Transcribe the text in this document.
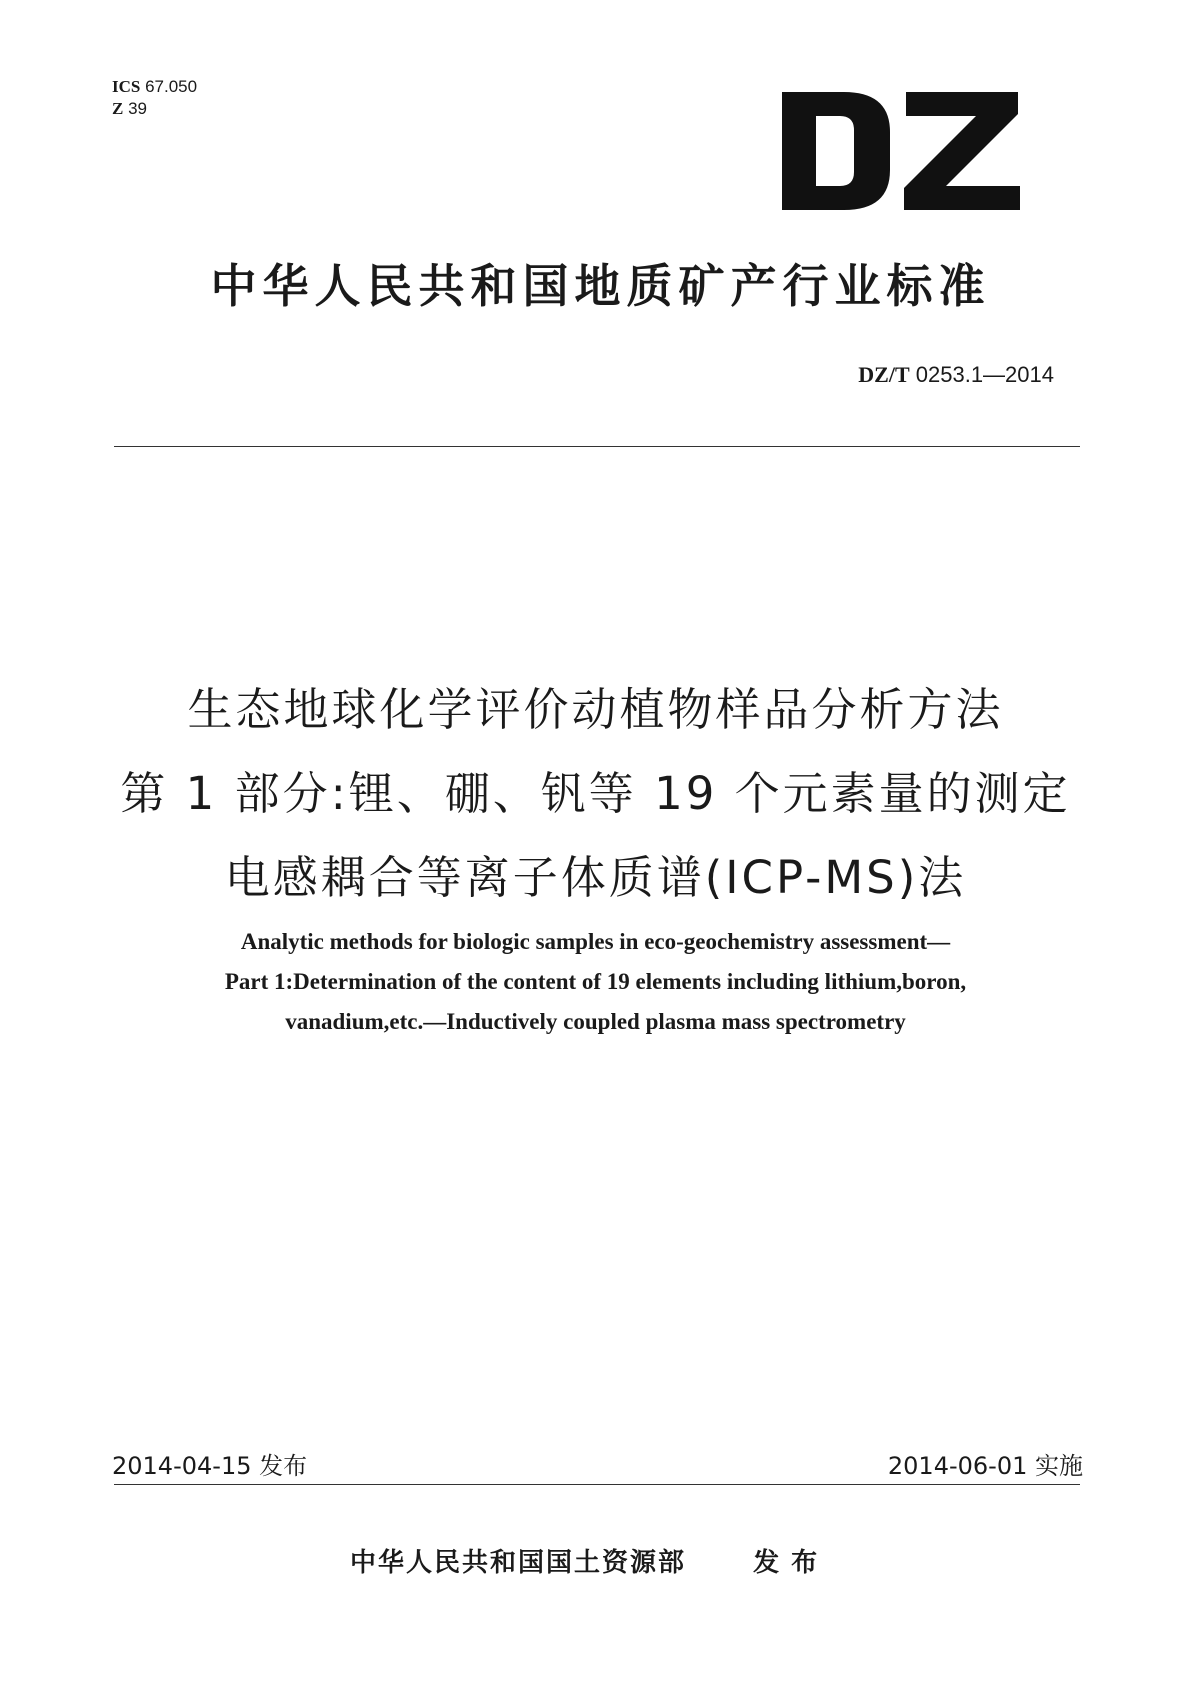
ICS 67.050
Z 39
中华人民共和国地质矿产行业标准
DZ/T 0253.1—2014
生态地球化学评价动植物样品分析方法
第 1 部分:锂、硼、钒等 19 个元素量的测定
电感耦合等离子体质谱(ICP-MS)法
Analytic methods for biologic samples in eco-geochemistry assessment—
Part 1:Determination of the content of 19 elements including lithium,boron,
vanadium,etc.—Inductively coupled plasma mass spectrometry
2014-04-15 发布	2014-06-01 实施
中华人民共和国国土资源部	发布
